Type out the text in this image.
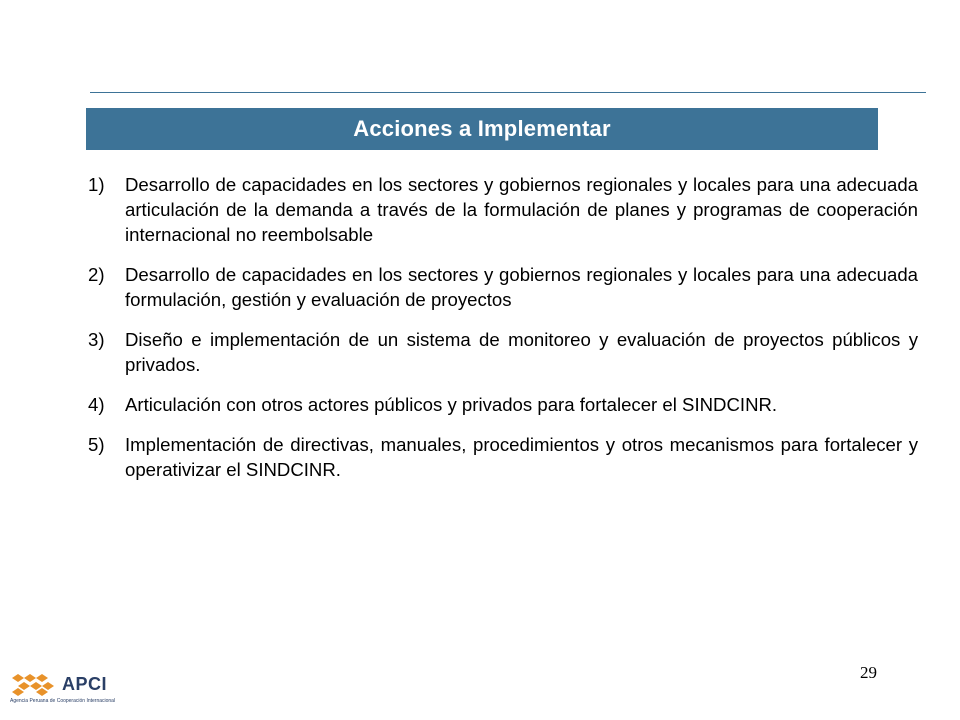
Acciones a Implementar
1)	Desarrollo de capacidades en los sectores y gobiernos regionales y locales para una adecuada articulación de la demanda a través de la formulación de planes y programas de cooperación internacional no reembolsable
2)	Desarrollo de capacidades en los sectores y gobiernos regionales y locales para una adecuada formulación, gestión y evaluación de proyectos
3)	Diseño e implementación de un sistema de monitoreo y evaluación de proyectos públicos y privados.
4)	Articulación con otros actores públicos y privados para fortalecer el SINDCINR.
5)	Implementación de directivas, manuales, procedimientos y otros mecanismos para fortalecer y operativizar el SINDCINR.
APCI
Agencia Peruana de Cooperación Internacional
29
